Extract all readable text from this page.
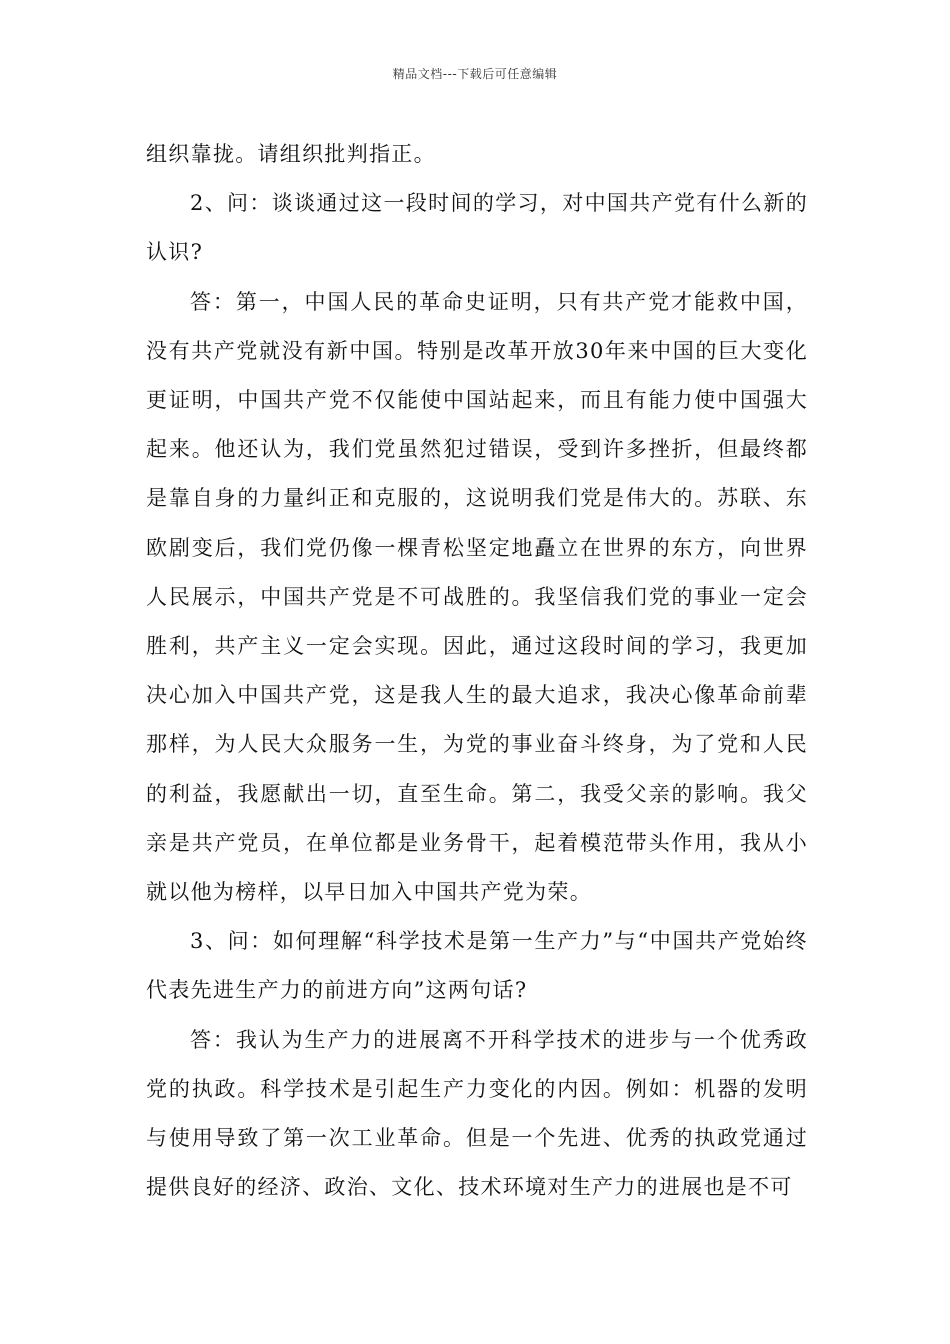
精品文档---下载后可任意编辑

组织靠拢。请组织批判指正。

2、问：谈谈通过这一段时间的学习，对中国共产党有什么新的认识?

答：第一，中国人民的革命史证明，只有共产党才能救中国，没有共产党就没有新中国。特别是改革开放30年来中国的巨大变化更证明，中国共产党不仅能使中国站起来，而且有能力使中国强大起来。他还认为，我们党虽然犯过错误，受到许多挫折，但最终都是靠自身的力量纠正和克服的，这说明我们党是伟大的。苏联、东欧剧变后，我们党仍像一棵青松坚定地矗立在世界的东方，向世界人民展示，中国共产党是不可战胜的。我坚信我们党的事业一定会胜利，共产主义一定会实现。因此，通过这段时间的学习，我更加决心加入中国共产党，这是我人生的最大追求，我决心像革命前辈那样，为人民大众服务一生，为党的事业奋斗终身，为了党和人民的利益，我愿献出一切，直至生命。第二，我受父亲的影响。我父亲是共产党员，在单位都是业务骨干，起着模范带头作用，我从小就以他为榜样，以早日加入中国共产党为荣。

3、问：如何理解“科学技术是第一生产力”与“中国共产党始终代表先进生产力的前进方向”这两句话?

答：我认为生产力的进展离不开科学技术的进步与一个优秀政党的执政。科学技术是引起生产力变化的内因。例如：机器的发明与使用导致了第一次工业革命。但是一个先进、优秀的执政党通过提供良好的经济、政治、文化、技术环境对生产力的进展也是不可
